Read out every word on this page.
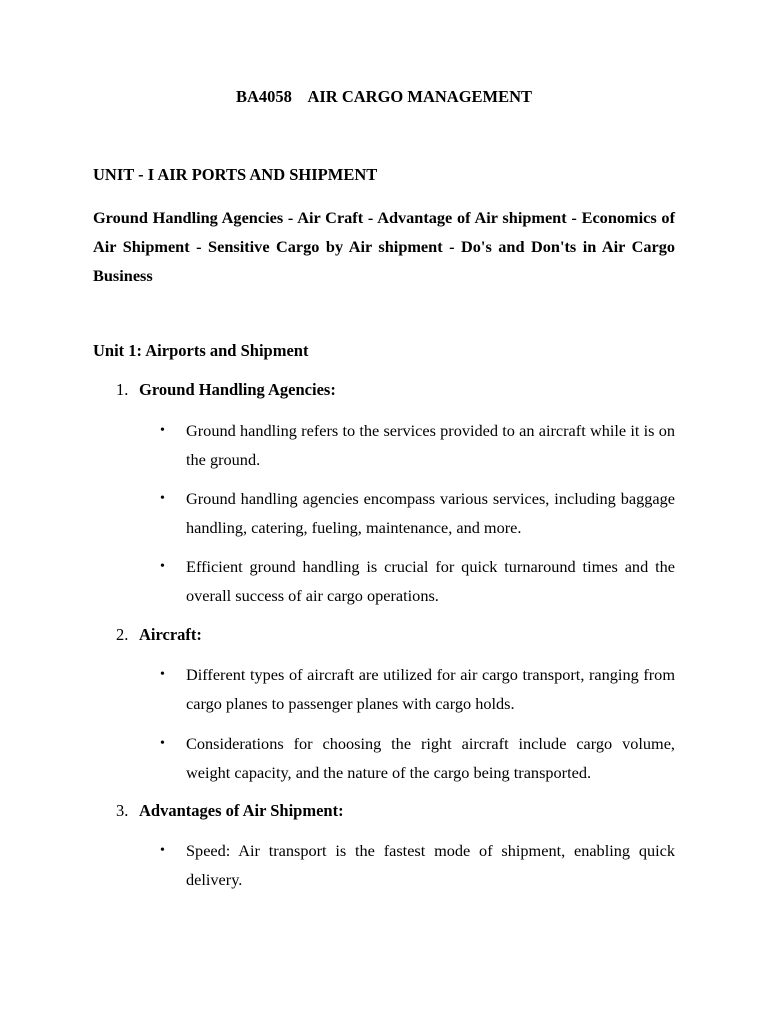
BA4058    AIR CARGO MANAGEMENT
UNIT - I AIR PORTS AND SHIPMENT
Ground Handling Agencies - Air Craft - Advantage of Air shipment - Economics of Air Shipment - Sensitive Cargo by Air shipment - Do's and Don'ts in Air Cargo Business
Unit 1: Airports and Shipment
1. Ground Handling Agencies:
•	Ground handling refers to the services provided to an aircraft while it is on the ground.
•	Ground handling agencies encompass various services, including baggage handling, catering, fueling, maintenance, and more.
•	Efficient ground handling is crucial for quick turnaround times and the overall success of air cargo operations.
2. Aircraft:
•	Different types of aircraft are utilized for air cargo transport, ranging from cargo planes to passenger planes with cargo holds.
•	Considerations for choosing the right aircraft include cargo volume, weight capacity, and the nature of the cargo being transported.
3. Advantages of Air Shipment:
•	Speed: Air transport is the fastest mode of shipment, enabling quick delivery.
